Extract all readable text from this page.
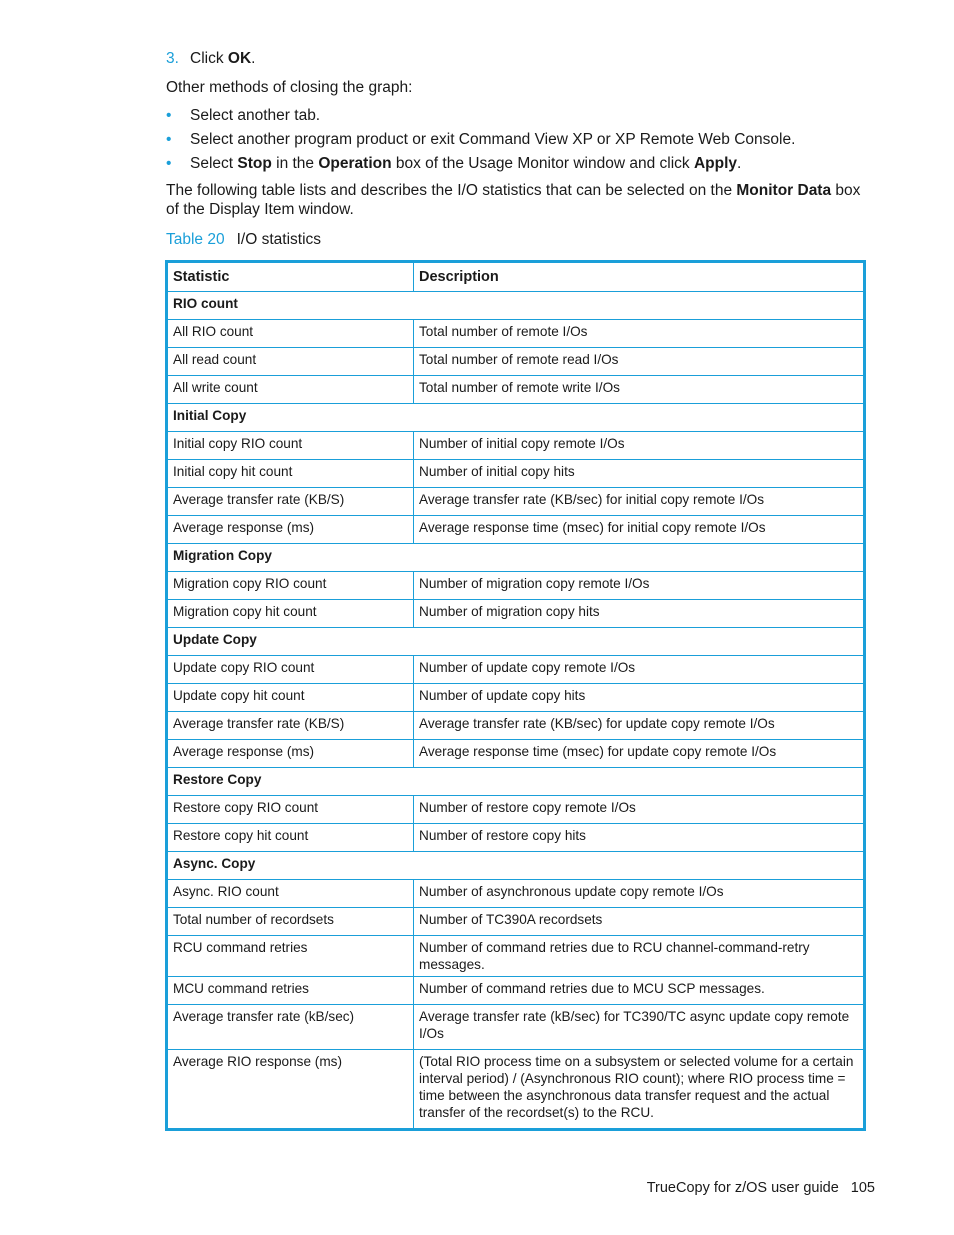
3. Click OK.
Other methods of closing the graph:
• Select another tab.
• Select another program product or exit Command View XP or XP Remote Web Console.
• Select Stop in the Operation box of the Usage Monitor window and click Apply.
The following table lists and describes the I/O statistics that can be selected on the Monitor Data box of the Display Item window.
Table 20 I/O statistics
Statistic	Description
RIO count	
All RIO count	Total number of remote I/Os
All read count	Total number of remote read I/Os
All write count	Total number of remote write I/Os
Initial Copy	
Initial copy RIO count	Number of initial copy remote I/Os
Initial copy hit count	Number of initial copy hits
Average transfer rate (KB/S)	Average transfer rate (KB/sec) for initial copy remote I/Os
Average response (ms)	Average response time (msec) for initial copy remote I/Os
Migration Copy	
Migration copy RIO count	Number of migration copy remote I/Os
Migration copy hit count	Number of migration copy hits
Update Copy	
Update copy RIO count	Number of update copy remote I/Os
Update copy hit count	Number of update copy hits
Average transfer rate (KB/S)	Average transfer rate (KB/sec) for update copy remote I/Os
Average response (ms)	Average response time (msec) for update copy remote I/Os
Restore Copy	
Restore copy RIO count	Number of restore copy remote I/Os
Restore copy hit count	Number of restore copy hits
Async. Copy	
Async. RIO count	Number of asynchronous update copy remote I/Os
Total number of recordsets	Number of TC390A recordsets
RCU command retries	Number of command retries due to RCU channel-command-retry messages.
MCU command retries	Number of command retries due to MCU SCP messages.
Average transfer rate (kB/sec)	Average transfer rate (kB/sec) for TC390/TC async update copy remote I/Os
Average RIO response (ms)	(Total RIO process time on a subsystem or selected volume for a certain interval period) / (Asynchronous RIO count); where RIO process time = time between the asynchronous data transfer request and the actual transfer of the recordset(s) to the RCU.
TrueCopy for z/OS user guide 105
